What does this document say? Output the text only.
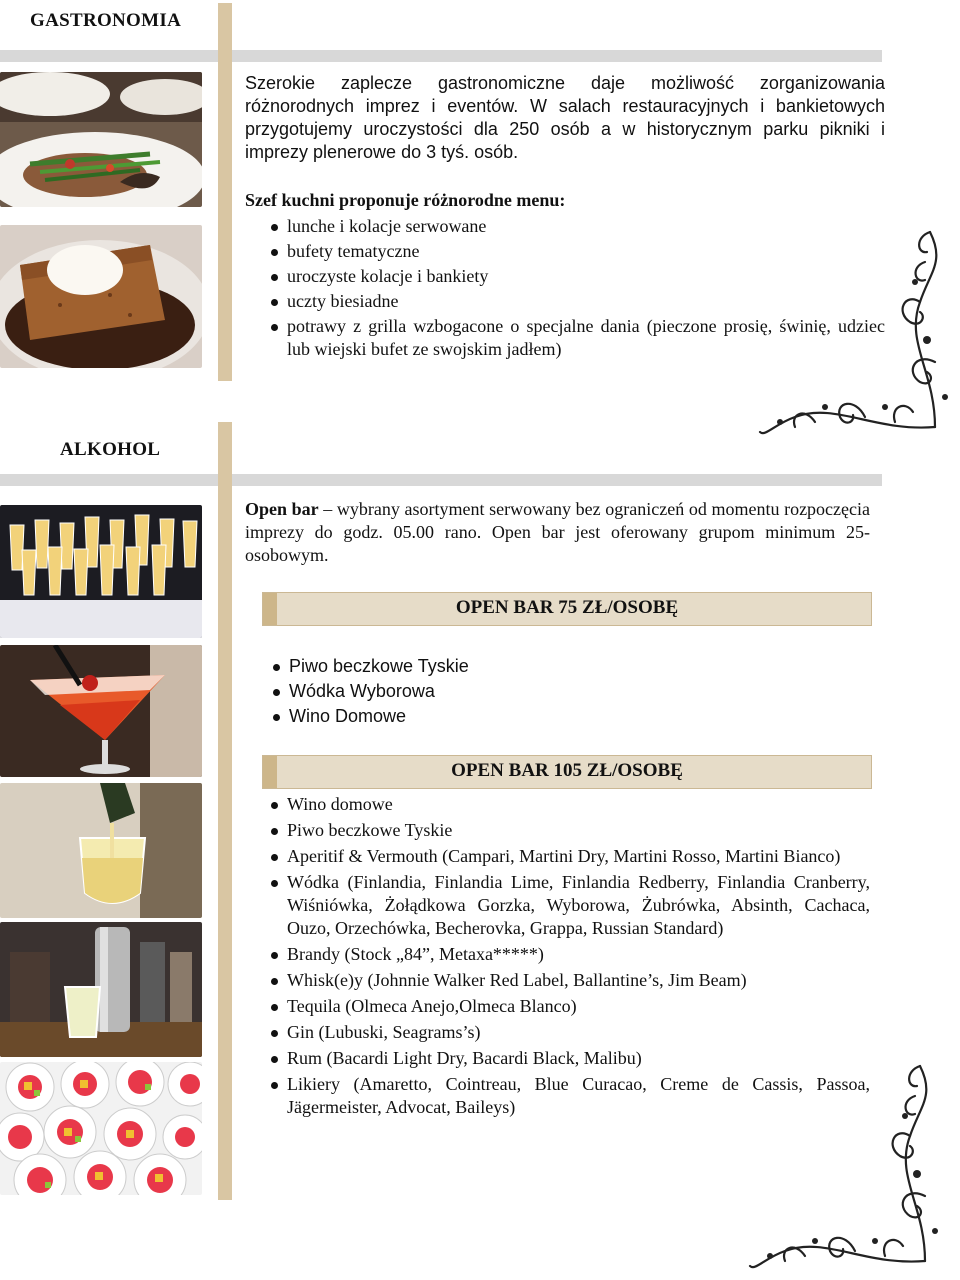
GASTRONOMIA
Szerokie zaplecze gastronomiczne daje możliwość zorganizowania różnorodnych imprez i eventów. W salach restauracyjnych i bankietowych przygotujemy uroczystości dla 250 osób a w historycznym parku pikniki i imprezy plenerowe do 3 tyś. osób.
Szef kuchni proponuje różnorodne menu:
lunche i kolacje serwowane
bufety tematyczne
uroczyste kolacje i bankiety
uczty biesiadne
potrawy z grilla wzbogacone o specjalne dania (pieczone prosię, świnię, udziec lub wiejski bufet ze swojskim jadłem)
ALKOHOL
Open bar – wybrany asortyment serwowany bez ograniczeń od momentu rozpoczęcia imprezy do godz. 05.00 rano. Open bar jest oferowany grupom minimum 25-osobowym.
OPEN BAR 75 ZŁ/OSOBĘ
Piwo beczkowe Tyskie
Wódka Wyborowa
Wino Domowe
OPEN BAR 105 ZŁ/OSOBĘ
Wino domowe
Piwo beczkowe Tyskie
Aperitif & Vermouth (Campari, Martini Dry, Martini Rosso, Martini Bianco)
Wódka (Finlandia, Finlandia Lime, Finlandia Redberry, Finlandia Cranberry, Wiśniówka, Żołądkowa Gorzka, Wyborowa, Żubrówka, Absinth, Cachaca, Ouzo, Orzechówka, Becherovka, Grappa, Russian Standard)
Brandy (Stock „84”, Metaxa*****)
Whisk(e)y (Johnnie Walker Red Label, Ballantine’s, Jim Beam)
Tequila (Olmeca Anejo,Olmeca Blanco)
Gin (Lubuski, Seagrams’s)
Rum (Bacardi Light Dry, Bacardi Black, Malibu)
Likiery (Amaretto, Cointreau, Blue Curacao, Creme de Cassis, Passoa, Jägermeister, Advocat, Baileys)
